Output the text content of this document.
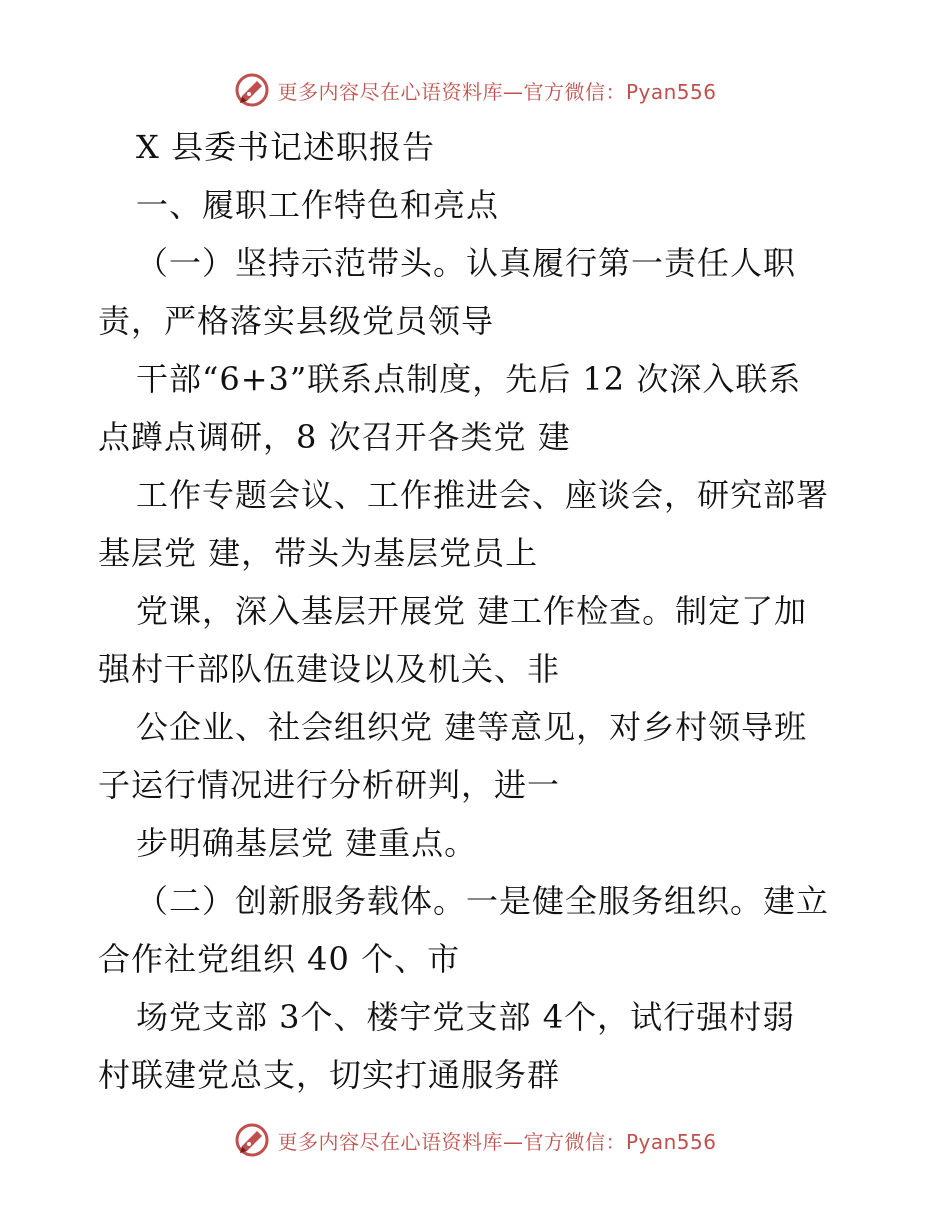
更多内容尽在心语资料库—官方微信：Pyan556
X 县委书记述职报告
一、履职工作特色和亮点
（一）坚持示范带头。认真履行第一责任人职
责，严格落实县级党员领导
干部“6+3”联系点制度，先后 12 次深入联系
点蹲点调研，8 次召开各类党 建
工作专题会议、工作推进会、座谈会，研究部署
基层党 建，带头为基层党员上
党课，深入基层开展党 建工作检查。制定了加
强村干部队伍建设以及机关、非
公企业、社会组织党 建等意见，对乡村领导班
子运行情况进行分析研判，进一
步明确基层党 建重点。
（二）创新服务载体。一是健全服务组织。建立
合作社党组织 40 个、市
场党支部 3个、楼宇党支部 4个，试行强村弱
村联建党总支，切实打通服务群
更多内容尽在心语资料库—官方微信：Pyan556
